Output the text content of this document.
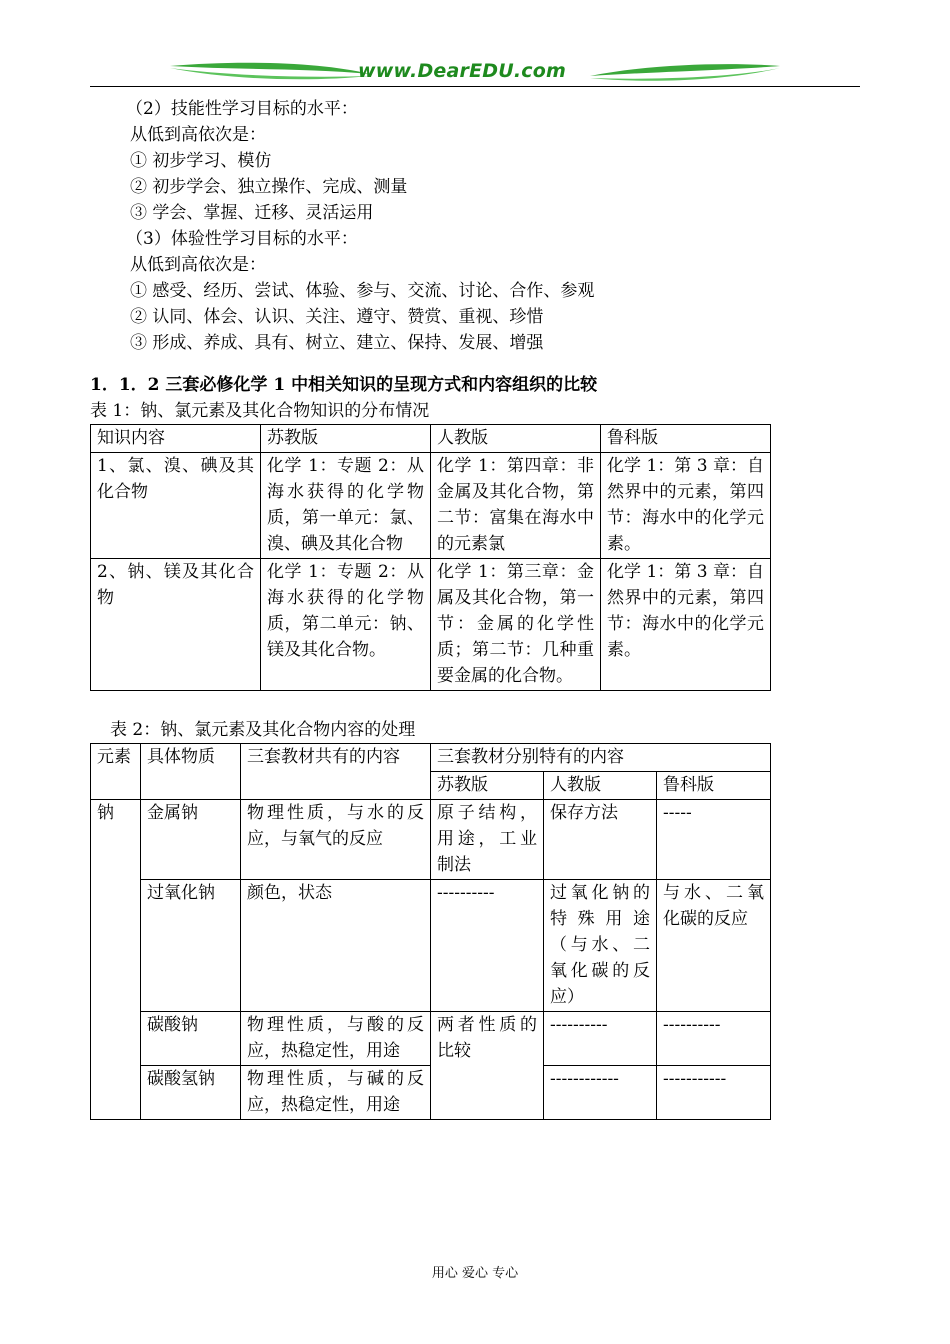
www.DearEDU.com
（2）技能性学习目标的水平：
从低到高依次是：
① 初步学习、模仿
② 初步学会、独立操作、完成、测量
③ 学会、掌握、迁移、灵活运用
（3）体验性学习目标的水平：
从低到高依次是：
① 感受、经历、尝试、体验、参与、交流、讨论、合作、参观
② 认同、体会、认识、关注、遵守、赞赏、重视、珍惜
③ 形成、养成、具有、树立、建立、保持、发展、增强
1．1．2 三套必修化学 1 中相关知识的呈现方式和内容组织的比较
表 1：钠、氯元素及其化合物知识的分布情况
知识内容	苏教版	人教版	鲁科版
1、氯、溴、碘及其化合物	化学 1：专题 2：从海水获得的化学物质，第一单元：氯、溴、碘及其化合物	化学 1：第四章：非金属及其化合物，第二节：富集在海水中的元素氯	化学 1：第 3 章：自然界中的元素，第四节：海水中的化学元素。
2、钠、镁及其化合物	化学 1：专题 2：从海水获得的化学物质，第二单元：钠、镁及其化合物。	化学 1：第三章：金属及其化合物，第一节：金属的化学性质；第二节：几种重要金属的化合物。	化学 1：第 3 章：自然界中的元素，第四节：海水中的化学元素。
表 2：钠、氯元素及其化合物内容的处理
元素	具体物质	三套教材共有的内容	三套教材分别特有的内容		
			苏教版	人教版	鲁科版
钠	金属钠	物理性质，与水的反应，与氧气的反应	原子结构，用途，工业制法	保存方法	-----
	过氧化钠	颜色，状态	----------	过氧化钠的特殊用途（与水、二氧化碳的反应）	与水、二氧化碳的反应
	碳酸钠	物理性质，与酸的反应，热稳定性，用途	两者性质的比较	----------	----------
	碳酸氢钠	物理性质，与碱的反应，热稳定性，用途		------------	-----------
用心 爱心 专心
